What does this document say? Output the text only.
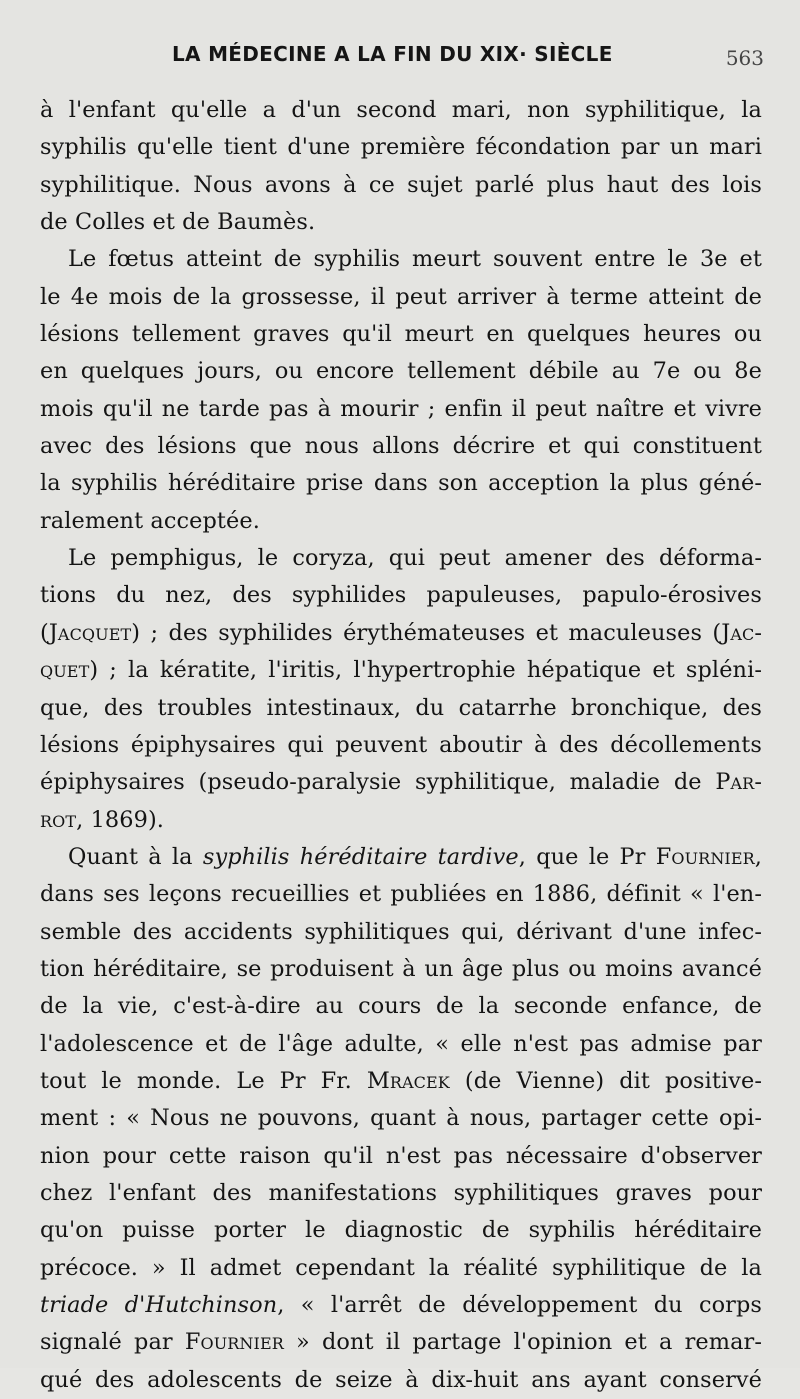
LA MÉDECINE A LA FIN DU XIX· SIÈCLE	563

à l'enfant qu'elle a d'un second mari, non syphilitique, la

syphilis qu'elle tient d'une première fécondation par un mari

syphilitique. Nous avons à ce sujet parlé plus haut des lois

de Colles et de Baumès.

Le fœtus atteint de syphilis meurt souvent entre le 3e et

le 4e mois de la grossesse, il peut arriver à terme atteint de

lésions tellement graves qu'il meurt en quelques heures ou

en quelques jours, ou encore tellement débile au 7e ou 8e

mois qu'il ne tarde pas à mourir ; enfin il peut naître et vivre

avec des lésions que nous allons décrire et qui constituent

la syphilis héréditaire prise dans son acception la plus géné-

ralement acceptée.

Le pemphigus, le coryza, qui peut amener des déforma-

tions du nez, des syphilides papuleuses, papulo-érosives

(Jacquet) ; des syphilides érythémateuses et maculeuses (Jac-

quet) ; la kératite, l'iritis, l'hypertrophie hépatique et spléni-

que, des troubles intestinaux, du catarrhe bronchique, des

lésions épiphysaires qui peuvent aboutir à des décollements

épiphysaires (pseudo-paralysie syphilitique, maladie de Par-

rot, 1869).

Quant à la syphilis héréditaire tardive, que le Pr Fournier,

dans ses leçons recueillies et publiées en 1886, définit « l'en-

semble des accidents syphilitiques qui, dérivant d'une infec-

tion héréditaire, se produisent à un âge plus ou moins avancé

de la vie, c'est-à-dire au cours de la seconde enfance, de

l'adolescence et de l'âge adulte, « elle n'est pas admise par

tout le monde. Le Pr Fr. Mracek (de Vienne) dit positive-

ment : « Nous ne pouvons, quant à nous, partager cette opi-

nion pour cette raison qu'il n'est pas nécessaire d'observer

chez l'enfant des manifestations syphilitiques graves pour

qu'on puisse porter le diagnostic de syphilis héréditaire

précoce. » Il admet cependant la réalité syphilitique de la

triade d'Hutchinson, « l'arrêt de développement du corps

signalé par Fournier » dont il partage l'opinion et a remar-

qué des adolescents de seize à dix-huit ans ayant conservé
